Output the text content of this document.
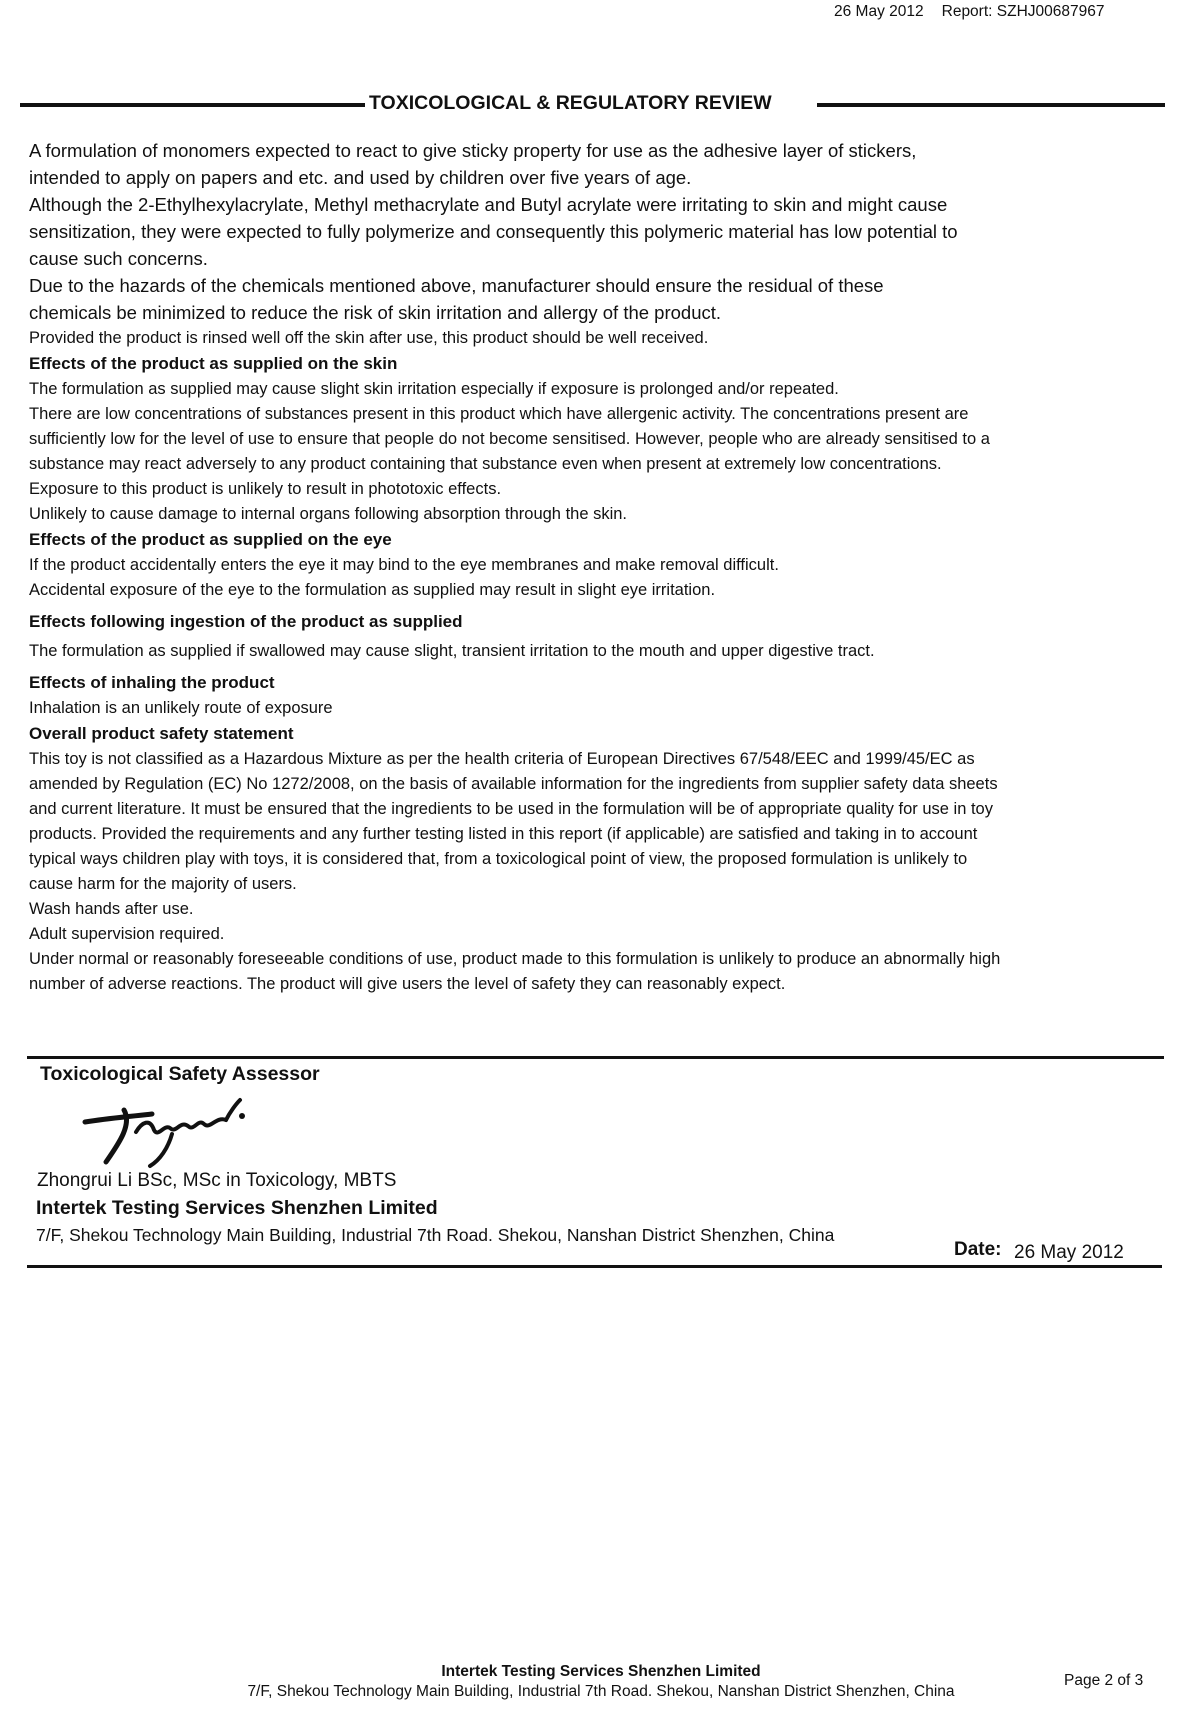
26 May 2012 Report: SZHJ00687967
TOXICOLOGICAL & REGULATORY REVIEW
A formulation of monomers expected to react to give sticky property for use as the adhesive layer of stickers,
intended to apply on papers and etc. and used by children over five years of age.
Although the 2-Ethylhexylacrylate, Methyl methacrylate and Butyl acrylate were irritating to skin and might cause
sensitization, they were expected to fully polymerize and consequently this polymeric material has low potential to
cause such concerns.
Due to the hazards of the chemicals mentioned above, manufacturer should ensure the residual of these
chemicals be minimized to reduce the risk of skin irritation and allergy of the product.
Provided the product is rinsed well off the skin after use, this product should be well received.
Effects of the product as supplied on the skin
The formulation as supplied may cause slight skin irritation especially if exposure is prolonged and/or repeated.
There are low concentrations of substances present in this product which have allergenic activity. The concentrations present are
sufficiently low for the level of use to ensure that people do not become sensitised. However, people who are already sensitised to a
substance may react adversely to any product containing that substance even when present at extremely low concentrations.
Exposure to this product is unlikely to result in phototoxic effects.
Unlikely to cause damage to internal organs following absorption through the skin.
Effects of the product as supplied on the eye
If the product accidentally enters the eye it may bind to the eye membranes and make removal difficult.
Accidental exposure of the eye to the formulation as supplied may result in slight eye irritation.
Effects following ingestion of the product as supplied
The formulation as supplied if swallowed may cause slight, transient irritation to the mouth and upper digestive tract.
Effects of inhaling the product
Inhalation is an unlikely route of exposure
Overall product safety statement
This toy is not classified as a Hazardous Mixture as per the health criteria of European Directives 67/548/EEC and 1999/45/EC as
amended by Regulation (EC) No 1272/2008, on the basis of available information for the ingredients from supplier safety data sheets
and current literature. It must be ensured that the ingredients to be used in the formulation will be of appropriate quality for use in toy
products. Provided the requirements and any further testing listed in this report (if applicable) are satisfied and taking in to account
typical ways children play with toys, it is considered that, from a toxicological point of view, the proposed formulation is unlikely to
cause harm for the majority of users.
Wash hands after use.
Adult supervision required.
Under normal or reasonably foreseeable conditions of use, product made to this formulation is unlikely to produce an abnormally high
number of adverse reactions. The product will give users the level of safety they can reasonably expect.
Toxicological Safety Assessor
Zhongrui Li BSc, MSc in Toxicology, MBTS
Intertek Testing Services Shenzhen Limited
7/F, Shekou Technology Main Building, Industrial 7th Road. Shekou, Nanshan District Shenzhen, China
Date: 26 May 2012
Intertek Testing Services Shenzhen Limited
7/F, Shekou Technology Main Building, Industrial 7th Road. Shekou, Nanshan District Shenzhen, China
Page 2 of 3
